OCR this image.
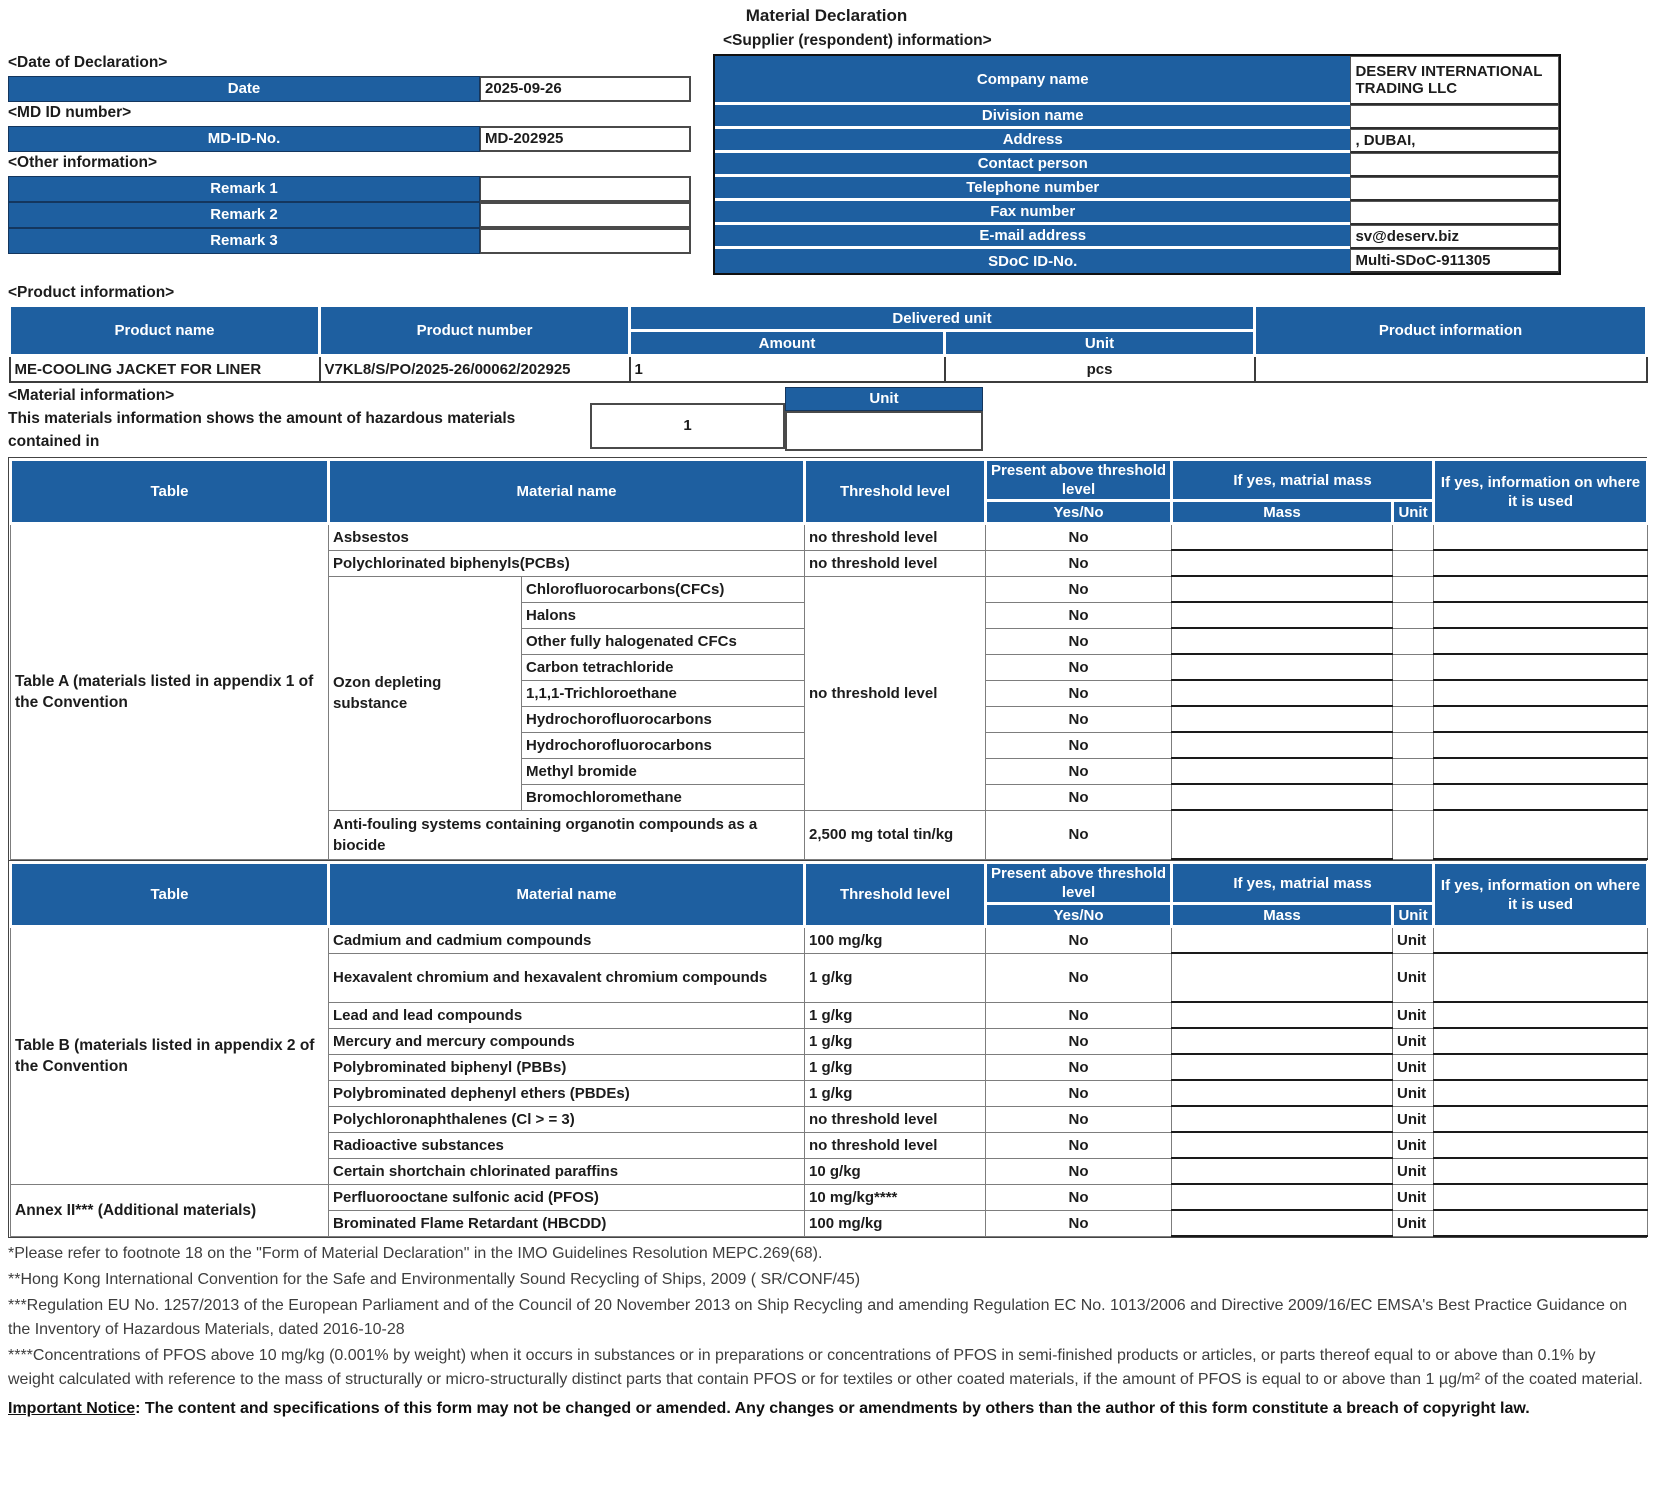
Material Declaration
<Date of Declaration>
Date	2025-09-26
<MD ID number>
MD-ID-No.	MD-202925
<Other information>
Remark 1
Remark 2
Remark 3
<Supplier (respondent) information>
Company name	DESERV INTERNATIONAL TRADING LLC
Division name	
Address	, DUBAI,
Contact person	
Telephone number	
Fax number	
E-mail address	sv@deserv.biz
SDoC ID-No.	Multi-SDoC-911305
<Product information>
Product name	Product number	Delivered unit		Product information
		Amount	Unit	
ME-COOLING JACKET FOR LINER	V7KL8/S/PO/2025-26/00062/202925	1	pcs	
<Material information>
This materials information shows the amount of hazardous materials contained in
1
Unit
Table	Material name		Threshold level	Present above threshold level	If yes, matrial mass		If yes, information on where it is used
				Yes/No	Mass	Unit	
Table A (materials listed in appendix 1 of the Convention	Asbsestos		no threshold level	No			
	Polychlorinated biphenyls(PCBs)		no threshold level	No			
	Ozon depleting substance	Chlorofluorocarbons(CFCs)	no threshold level	No			
		Halons		No			
		Other fully halogenated CFCs		No			
		Carbon tetrachloride		No			
		1,1,1-Trichloroethane		No			
		Hydrochorofluorocarbons		No			
		Hydrochorofluorocarbons		No			
		Methyl bromide		No			
		Bromochloromethane		No			
	Anti-fouling systems containing organotin compounds as a biocide		2,500 mg total tin/kg	No			
Table	Material name	Threshold level	Present above threshold level	If yes, matrial mass		If yes, information on where it is used
			Yes/No	Mass	Unit	
Table B (materials listed in appendix 2 of the Convention	Cadmium and cadmium compounds	100 mg/kg	No		Unit	
	Hexavalent chromium and hexavalent chromium compounds	1 g/kg	No		Unit	
	Lead and lead compounds	1 g/kg	No		Unit	
	Mercury and mercury compounds	1 g/kg	No		Unit	
	Polybrominated biphenyl (PBBs)	1 g/kg	No		Unit	
	Polybrominated dephenyl ethers (PBDEs)	1 g/kg	No		Unit	
	Polychloronaphthalenes (Cl > = 3)	no threshold level	No		Unit	
	Radioactive substances	no threshold level	No		Unit	
	Certain shortchain chlorinated paraffins	10 g/kg	No		Unit	
Annex II*** (Additional materials)	Perfluorooctane sulfonic acid (PFOS)	10 mg/kg****	No		Unit	
	Brominated Flame Retardant (HBCDD)	100 mg/kg	No		Unit	

*Please refer to footnote 18 on the "Form of Material Declaration" in the IMO Guidelines Resolution MEPC.269(68).

**Hong Kong International Convention for the Safe and Environmentally Sound Recycling of Ships, 2009 ( SR/CONF/45)

***Regulation EU No. 1257/2013 of the European Parliament and of the Council of 20 November 2013 on Ship Recycling and amending Regulation EC No. 1013/2006 and Directive 2009/16/EC EMSA's Best Practice Guidance on the Inventory of Hazardous Materials, dated 2016-10-28

****Concentrations of PFOS above 10 mg/kg (0.001% by weight) when it occurs in substances or in preparations or concentrations of PFOS in semi-finished products or articles, or parts thereof equal to or above than 0.1% by weight calculated with reference to the mass of structurally or micro-structurally distinct parts that contain PFOS or for textiles or other coated materials, if the amount of PFOS is equal to or above than 1 µg/m² of the coated material.

Important Notice: The content and specifications of this form may not be changed or amended. Any changes or amendments by others than the author of this form constitute a breach of copyright law.
